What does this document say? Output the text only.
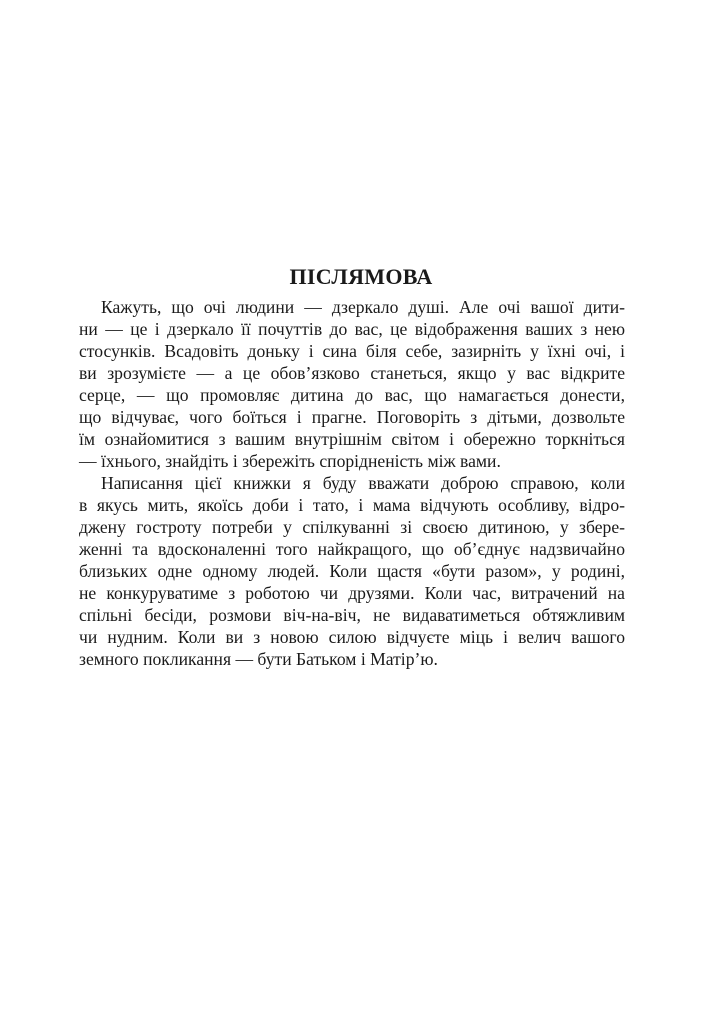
ПІСЛЯМОВА

Кажуть, що очі людини — дзеркало душі. Але очі вашої дити-

ни — це і дзеркало її почуттів до вас, це відображення ваших з нею

стосунків. Всадовіть доньку і сина біля себе, зазирніть у їхні очі, і

ви зрозумієте — а це обов’язково станеться, якщо у вас відкрите

серце, — що промовляє дитина до вас, що намагається донести,

що відчуває, чого боїться і прагне. Поговоріть з дітьми, дозвольте

їм ознайомитися з вашим внутрішнім світом і обережно торкніться

— їхнього, знайдіть і збережіть спорідненість між вами.

Написання цієї книжки я буду вважати доброю справою, коли

в якусь мить, якоїсь доби і тато, і мама відчують особливу, відро-

джену гостроту потреби у спілкуванні зі своєю дитиною, у збере-

женні та вдосконаленні того найкращого, що об’єднує надзвичайно

близьких одне одному людей. Коли щастя «бути разом», у родині,

не конкуруватиме з роботою чи друзями. Коли час, витрачений на

спільні бесіди, розмови віч-на-віч, не видаватиметься обтяжливим

чи нудним. Коли ви з новою силою відчуєте міць і велич вашого

земного покликання — бути Батьком і Матір’ю.
